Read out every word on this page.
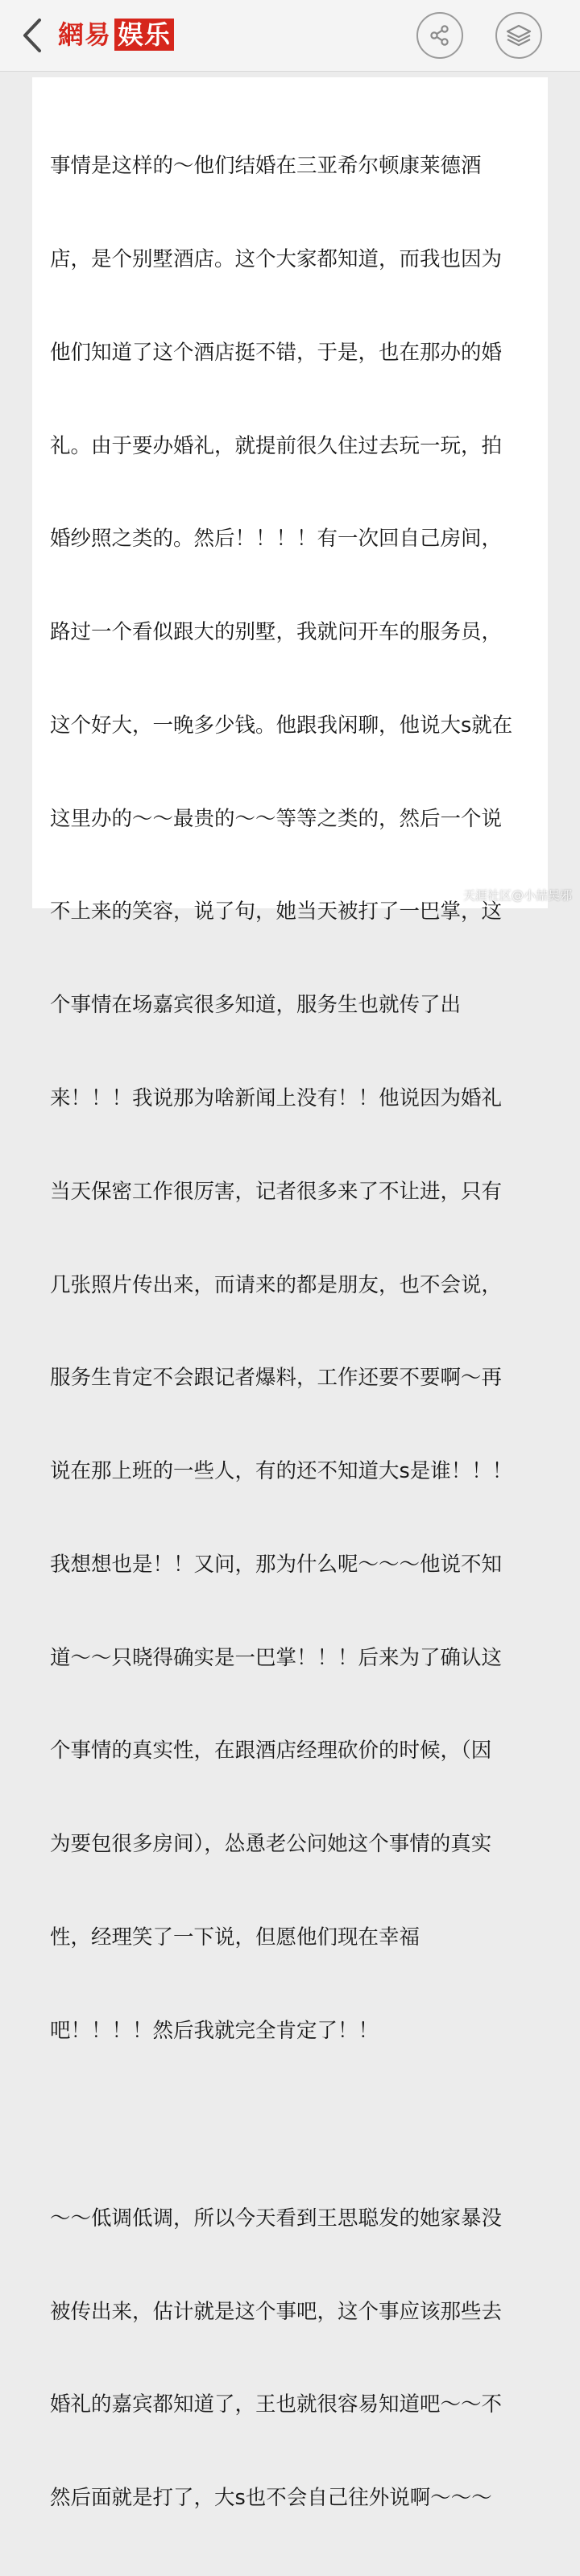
網易 娱乐

事情是这样的～他们结婚在三亚希尔顿康莱德酒

店，是个别墅酒店。这个大家都知道，而我也因为

他们知道了这个酒店挺不错，于是，也在那办的婚

礼。由于要办婚礼，就提前很久住过去玩一玩，拍

婚纱照之类的。然后！！！！有一次回自己房间，

路过一个看似跟大的别墅，我就问开车的服务员，

这个好大，一晚多少钱。他跟我闲聊，他说大s就在

这里办的～～最贵的～～等等之类的，然后一个说

不上来的笑容，说了句，她当天被打了一巴掌，这

个事情在场嘉宾很多知道，服务生也就传了出

来！！！我说那为啥新闻上没有！！他说因为婚礼

当天保密工作很厉害，记者很多来了不让进，只有

几张照片传出来，而请来的都是朋友，也不会说，

服务生肯定不会跟记者爆料，工作还要不要啊～再

说在那上班的一些人，有的还不知道大s是谁！！！

我想想也是！！又问，那为什么呢～～～他说不知

道～～只晓得确实是一巴掌！！！后来为了确认这

个事情的真实性，在跟酒店经理砍价的时候，（因

为要包很多房间），怂恿老公问她这个事情的真实

性，经理笑了一下说，但愿他们现在幸福

吧！！！！然后我就完全肯定了！！

～～低调低调，所以今天看到王思聪发的她家暴没

被传出来，估计就是这个事吧，这个事应该那些去

婚礼的嘉宾都知道了，王也就很容易知道吧～～不

然后面就是打了，大s也不会自己往外说啊～～～

天涯社区@小喆吴邪
